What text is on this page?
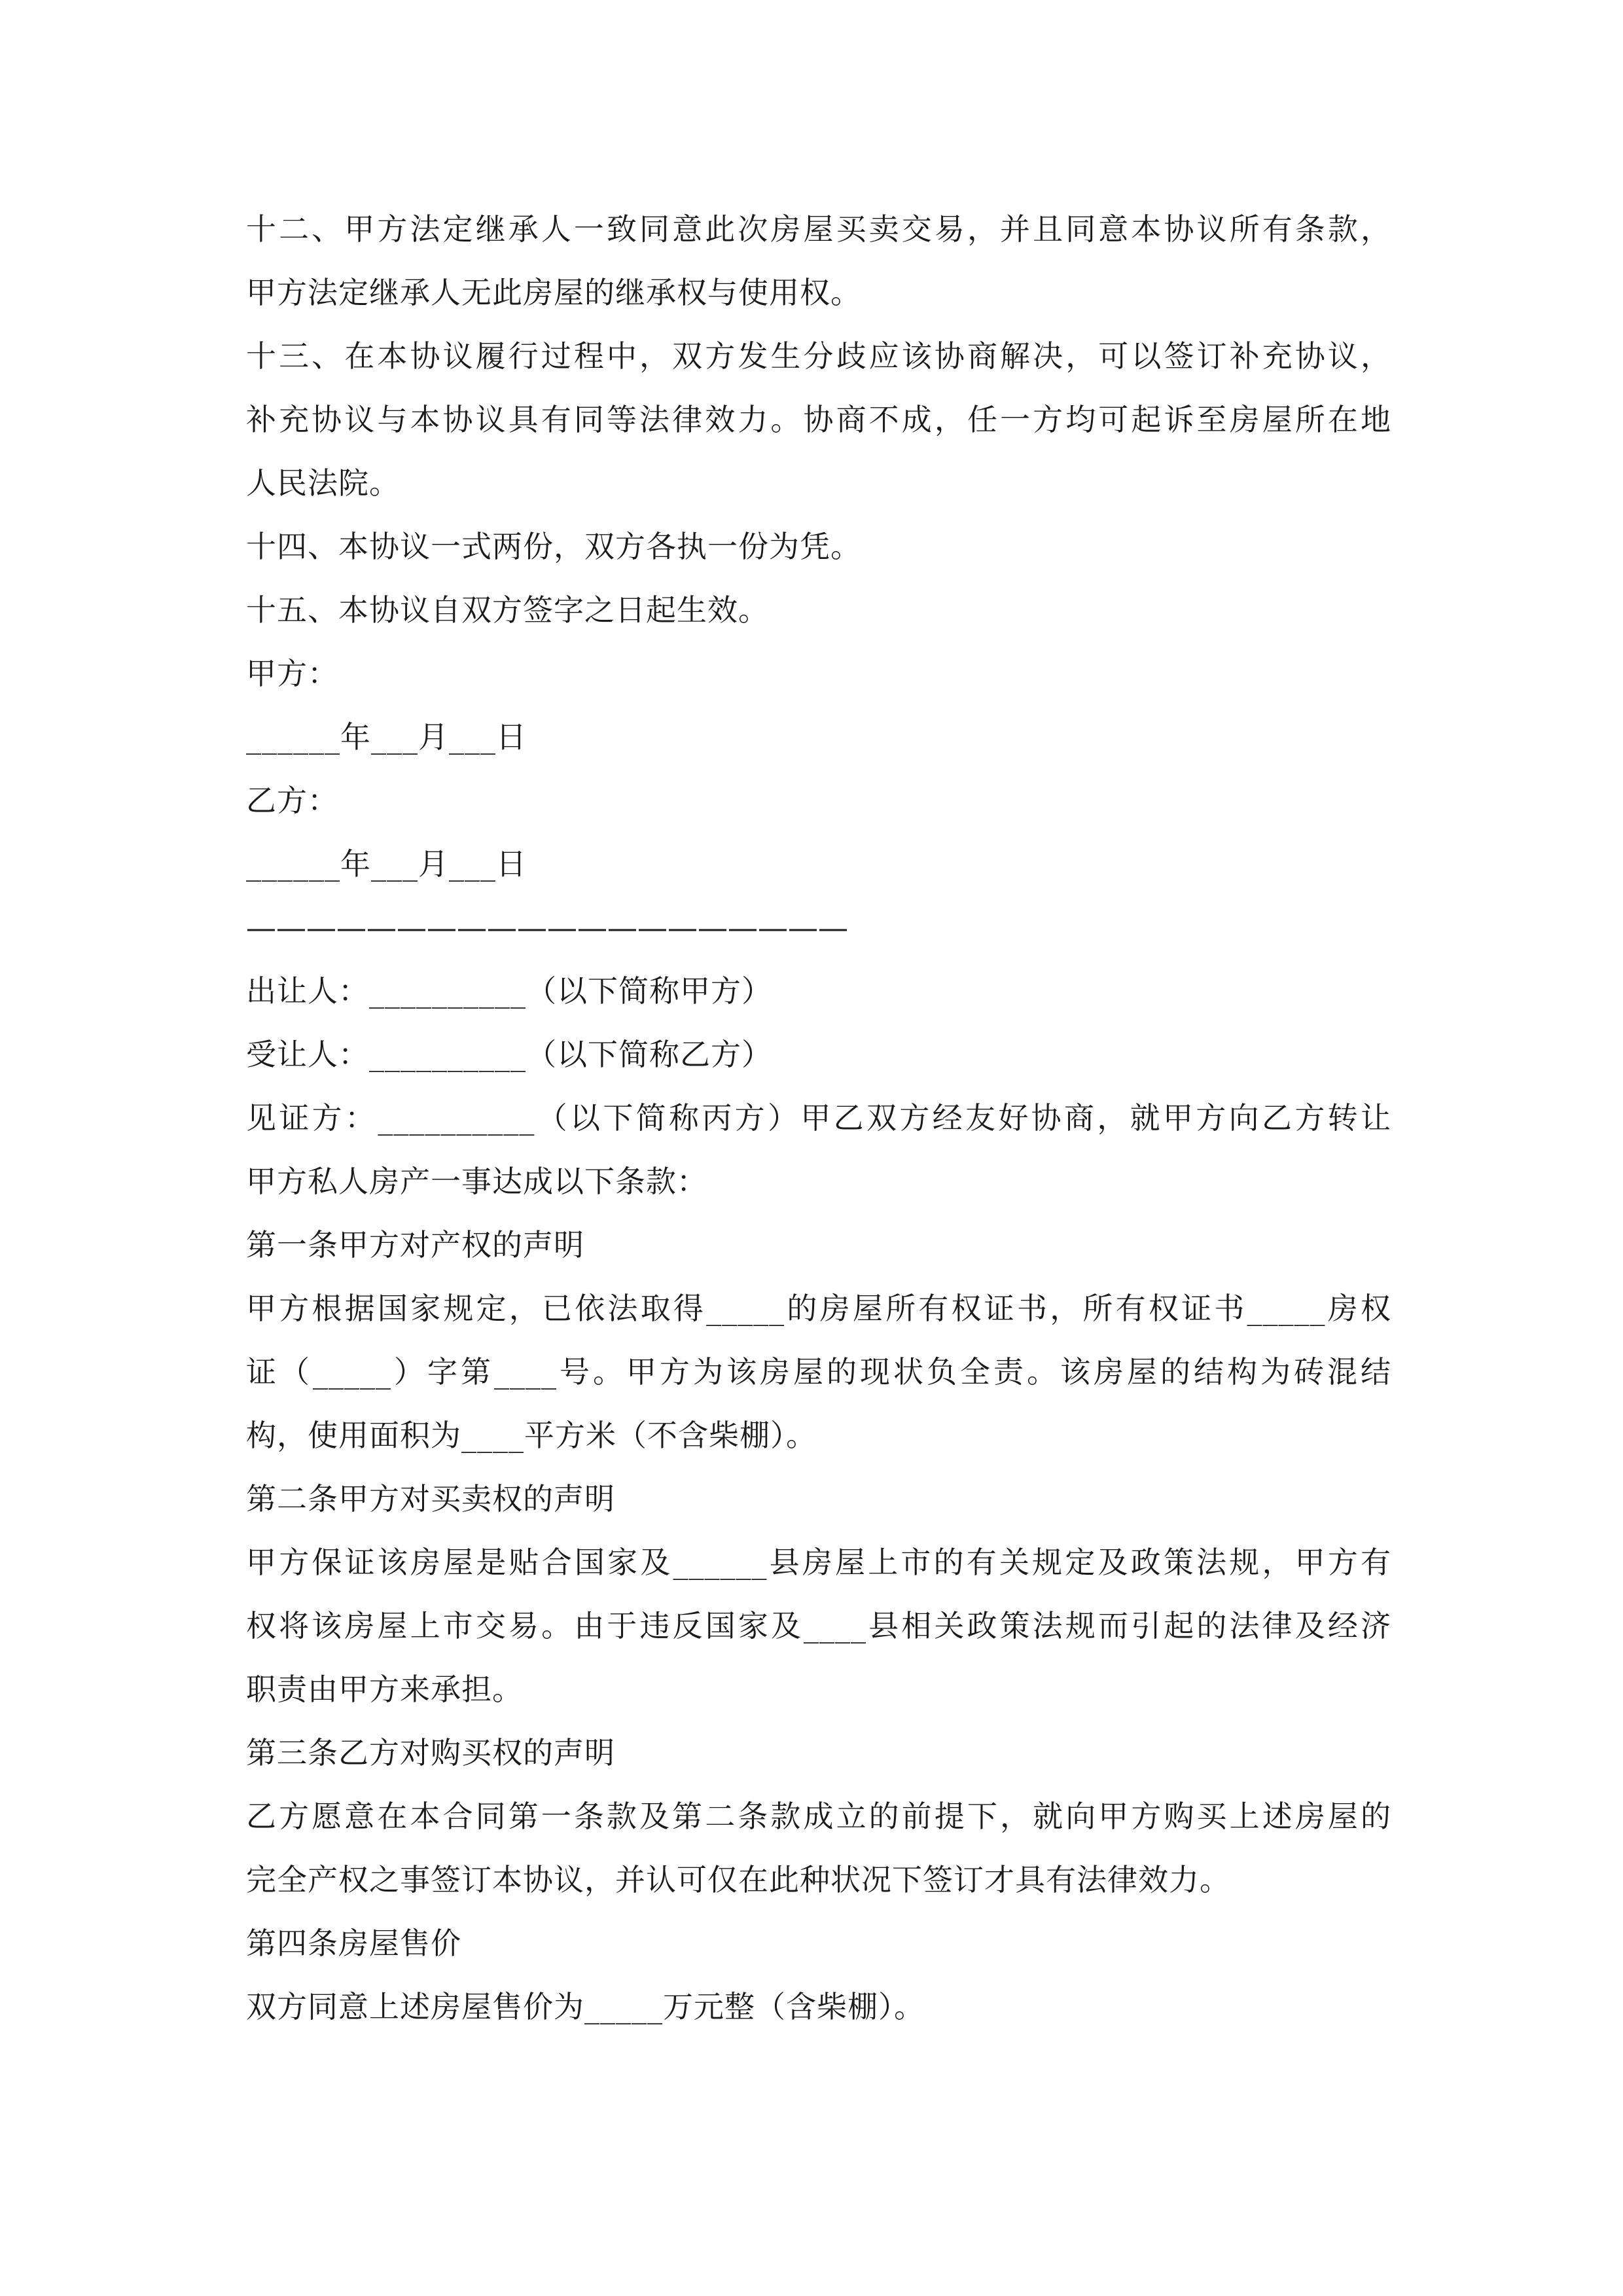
十二、甲方法定继承人一致同意此次房屋买卖交易，并且同意本协议所有条款，
甲方法定继承人无此房屋的继承权与使用权。
十三、在本协议履行过程中，双方发生分歧应该协商解决，可以签订补充协议，
补充协议与本协议具有同等法律效力。协商不成，任一方均可起诉至房屋所在地
人民法院。
十四、本协议一式两份，双方各执一份为凭。
十五、本协议自双方签字之日起生效。
甲方：
______年___月___日
乙方：
______年___月___日
————————————————————
出让人：__________（以下简称甲方）
受让人：__________（以下简称乙方）
见证方：__________（以下简称丙方）甲乙双方经友好协商，就甲方向乙方转让
甲方私人房产一事达成以下条款：
第一条甲方对产权的声明
甲方根据国家规定，已依法取得_____的房屋所有权证书，所有权证书_____房权
证（_____）字第____号。甲方为该房屋的现状负全责。该房屋的结构为砖混结
构，使用面积为____平方米（不含柴棚）。
第二条甲方对买卖权的声明
甲方保证该房屋是贴合国家及______县房屋上市的有关规定及政策法规，甲方有
权将该房屋上市交易。由于违反国家及____县相关政策法规而引起的法律及经济
职责由甲方来承担。
第三条乙方对购买权的声明
乙方愿意在本合同第一条款及第二条款成立的前提下，就向甲方购买上述房屋的
完全产权之事签订本协议，并认可仅在此种状况下签订才具有法律效力。
第四条房屋售价
双方同意上述房屋售价为_____万元整（含柴棚）。
